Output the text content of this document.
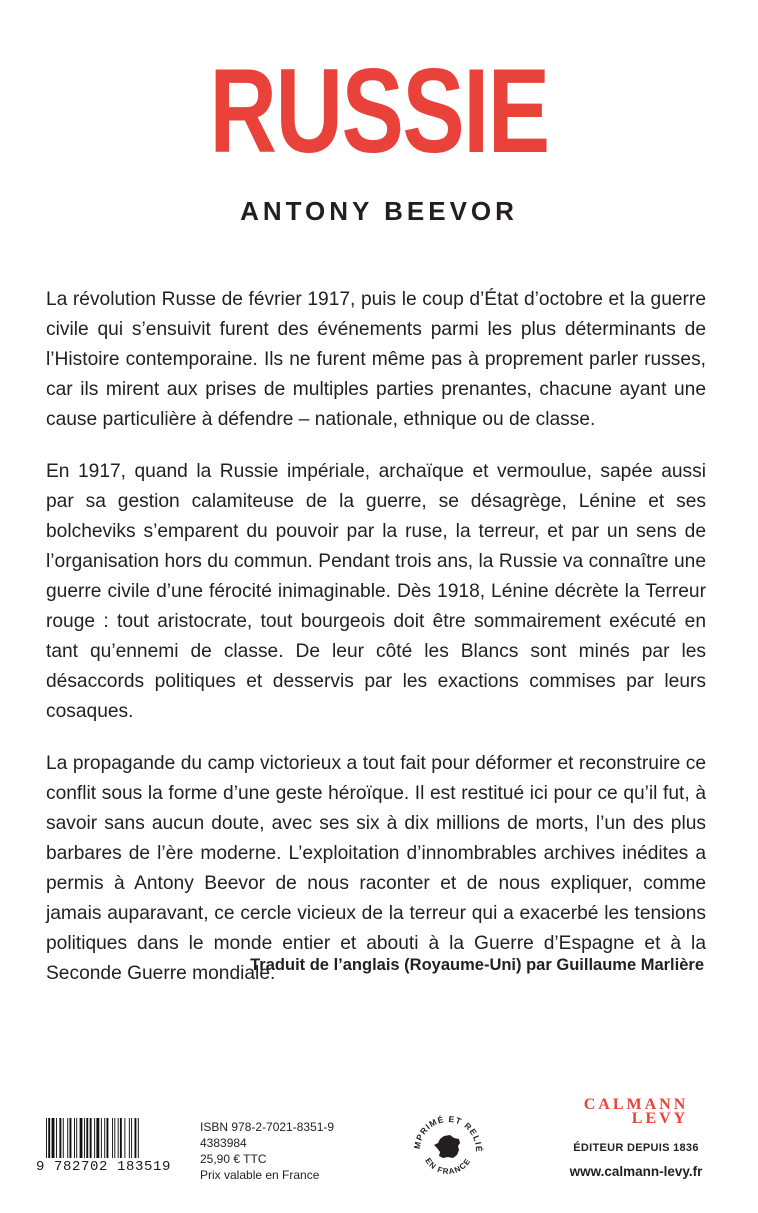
RUSSIE
ANTONY BEEVOR

La révolution Russe de février 1917, puis le coup d’État d’octobre et la guerre civile qui s’ensuivit furent des événements parmi les plus déterminants de l’Histoire contemporaine. Ils ne furent même pas à proprement parler russes, car ils mirent aux prises de multiples parties prenantes, chacune ayant une cause particulière à défendre – nationale, ethnique ou de classe.

En 1917, quand la Russie impériale, archaïque et vermoulue, sapée aussi par sa gestion calamiteuse de la guerre, se désagrège, Lénine et ses bolcheviks s’emparent du pouvoir par la ruse, la terreur, et par un sens de l’organisation hors du commun. Pendant trois ans, la Russie va connaître une guerre civile d’une férocité inimaginable. Dès 1918, Lénine décrète la Terreur rouge : tout aristocrate, tout bourgeois doit être sommairement exécuté en tant qu’ennemi de classe. De leur côté les Blancs sont minés par les désaccords politiques et desservis par les exactions commises par leurs cosaques.

La propagande du camp victorieux a tout fait pour déformer et reconstruire ce conflit sous la forme d’une geste héroïque. Il est restitué ici pour ce qu’il fut, à savoir sans aucun doute, avec ses six à dix millions de morts, l’un des plus barbares de l’ère moderne. L’exploitation d’innombrables archives inédites a permis à Antony Beevor de nous raconter et de nous expliquer, comme jamais auparavant, ce cercle vicieux de la terreur qui a exacerbé les tensions politiques dans le monde entier et abouti à la Guerre d’Espagne et à la Seconde Guerre mondiale.

Traduit de l’anglais (Royaume-Uni) par Guillaume Marlière
9 782702 183519
ISBN 978-2-7021-8351-9
4383984
25,90 € TTC
Prix valable en France
MPRIMÉ ET RELIÉ
EN FRANCE
CALMANN
LEVY
ÉDITEUR DEPUIS 1836
www.calmann-levy.fr
